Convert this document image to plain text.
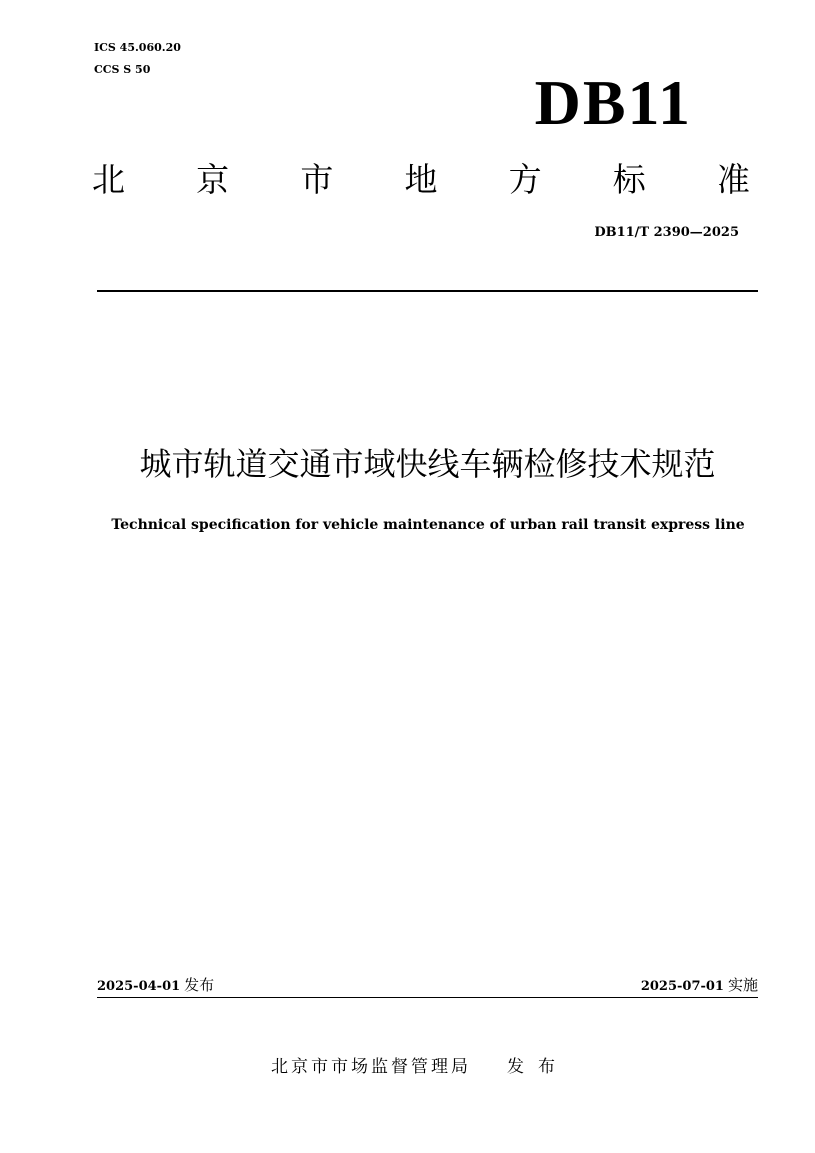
ICS 45.060.20
CCS S 50	DB11
北 京 市 地 方 标 准
DB11/T 2390—2025
城市轨道交通市域快线车辆检修技术规范
Technical specification for vehicle maintenance of urban rail transit express line
2025-04-01 发布	2025-07-01 实施
北京市市场监督管理局 发布
